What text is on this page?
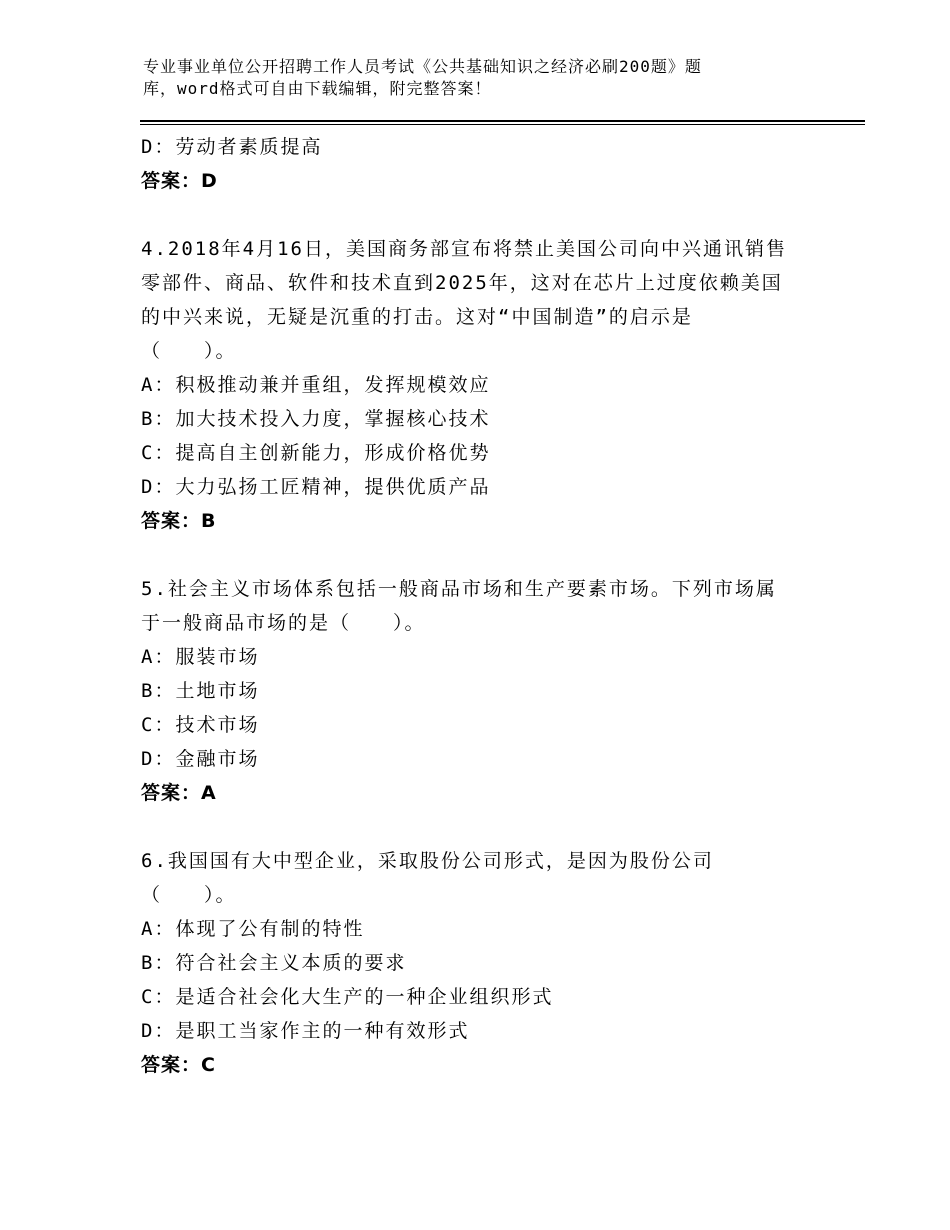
专业事业单位公开招聘工作人员考试《公共基础知识之经济必刷200题》题
库，word格式可自由下载编辑，附完整答案！
D：劳动者素质提高
答案：D
4.2018年4月16日，美国商务部宣布将禁止美国公司向中兴通讯销售
零部件、商品、软件和技术直到2025年，这对在芯片上过度依赖美国
的中兴来说，无疑是沉重的打击。这对“中国制造”的启示是
（　　）。
A：积极推动兼并重组，发挥规模效应
B：加大技术投入力度，掌握核心技术
C：提高自主创新能力，形成价格优势
D：大力弘扬工匠精神，提供优质产品
答案：B
5.社会主义市场体系包括一般商品市场和生产要素市场。下列市场属
于一般商品市场的是（　　）。
A：服装市场
B：土地市场
C：技术市场
D：金融市场
答案：A
6.我国国有大中型企业，采取股份公司形式，是因为股份公司
（　　）。
A：体现了公有制的特性
B：符合社会主义本质的要求
C：是适合社会化大生产的一种企业组织形式
D：是职工当家作主的一种有效形式
答案：C
